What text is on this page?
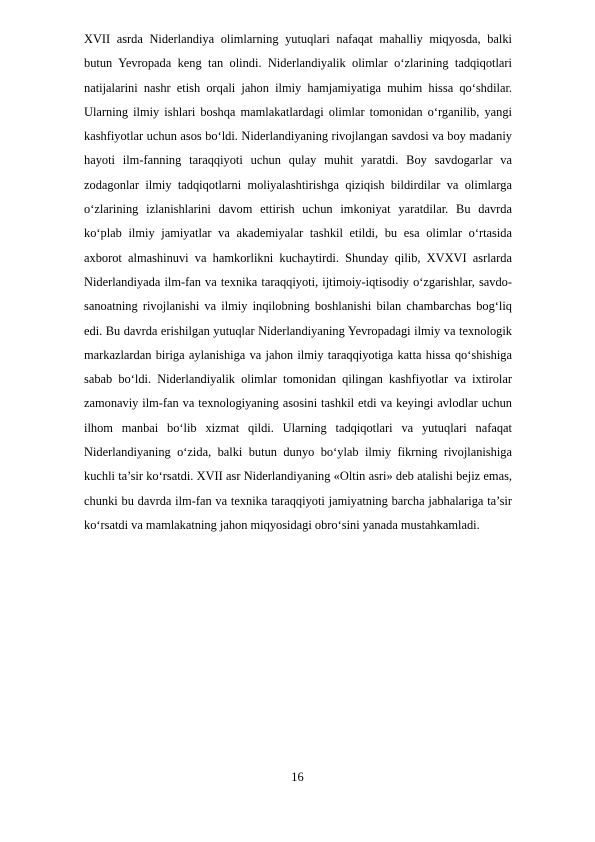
XVII asrda Niderlandiya olimlarning yutuqlari nafaqat mahalliy miqyosda, balki butun Yevropada keng tan olindi. Niderlandiyalik olimlar o‘zlarining tadqiqotlari natijalarini nashr etish orqali jahon ilmiy hamjamiyatiga muhim hissa qo‘shdilar. Ularning ilmiy ishlari boshqa mamlakatlardagi olimlar tomonidan o‘rganilib, yangi kashfiyotlar uchun asos bo‘ldi. Niderlandiyaning rivojlangan savdosi va boy madaniy hayoti ilm-fanning taraqqiyoti uchun qulay muhit yaratdi. Boy savdogarlar va zodagonlar ilmiy tadqiqotlarni moliyalashtirishga qiziqish bildirdilar va olimlarga o‘zlarining izlanishlarini davom ettirish uchun imkoniyat yaratdilar. Bu davrda ko‘plab ilmiy jamiyatlar va akademiyalar tashkil etildi, bu esa olimlar o‘rtasida axborot almashinuvi va hamkorlikni kuchaytirdi. Shunday qilib, XVXVI asrlarda Niderlandiyada ilm-fan va texnika taraqqiyoti, ijtimoiy-iqtisodiy o‘zgarishlar, savdo-sanoatning rivojlanishi va ilmiy inqilobning boshlanishi bilan chambarchas bog‘liq edi. Bu davrda erishilgan yutuqlar Niderlandiyaning Yevropadagi ilmiy va texnologik markazlardan biriga aylanishiga va jahon ilmiy taraqqiyotiga katta hissa qo‘shishiga sabab bo‘ldi. Niderlandiyalik olimlar tomonidan qilingan kashfiyotlar va ixtirolar zamonaviy ilm-fan va texnologiyaning asosini tashkil etdi va keyingi avlodlar uchun ilhom manbai bo‘lib xizmat qildi. Ularning tadqiqotlari va yutuqlari nafaqat Niderlandiyaning o‘zida, balki butun dunyo bo‘ylab ilmiy fikrning rivojlanishiga kuchli ta’sir ko‘rsatdi. XVII asr Niderlandiyaning «Oltin asri» deb atalishi bejiz emas, chunki bu davrda ilm-fan va texnika taraqqiyoti jamiyatning barcha jabhalariga ta’sir ko‘rsatdi va mamlakatning jahon miqyosidagi obro‘sini yanada mustahkamladi.

16
